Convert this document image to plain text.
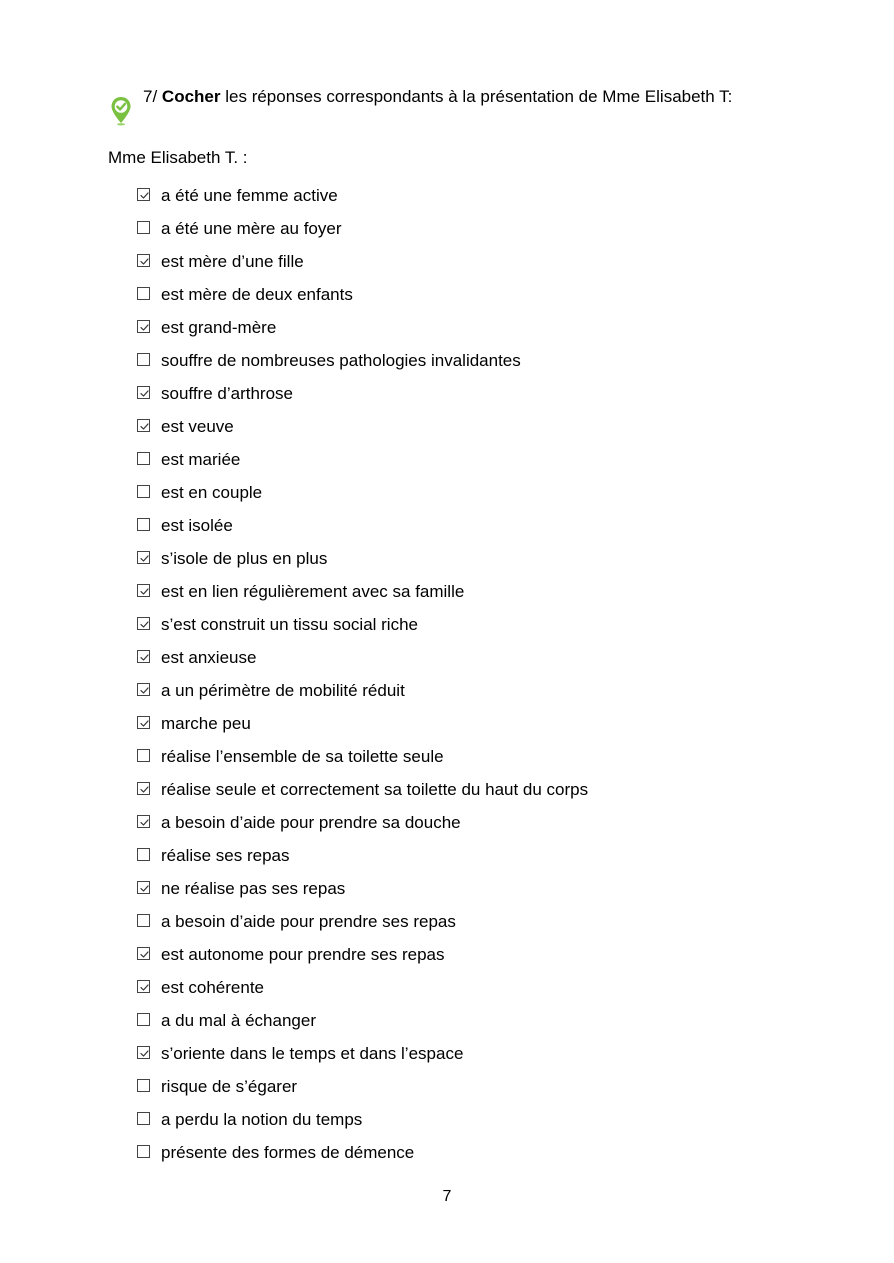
7/ Cocher les réponses correspondants à la présentation de Mme Elisabeth T:
Mme Elisabeth T. :
a été une femme active
a été une mère au foyer
est mère d’une fille
est mère de deux enfants
est grand-mère
souffre de nombreuses pathologies invalidantes
souffre d’arthrose
est veuve
est mariée
est en couple
est isolée
s’isole de plus en plus
est en lien régulièrement avec sa famille
s’est construit un tissu social riche
est anxieuse
a un périmètre de mobilité réduit
marche peu
réalise l’ensemble de sa toilette seule
réalise seule et correctement sa toilette du haut du corps
a besoin d’aide pour prendre sa douche
réalise ses repas
ne réalise pas ses repas
a besoin d’aide pour prendre ses repas
est autonome pour prendre ses repas
est cohérente
a du mal à échanger
s’oriente dans le temps et dans l’espace
risque de s’égarer
a perdu la notion du temps
présente des formes de démence
7
